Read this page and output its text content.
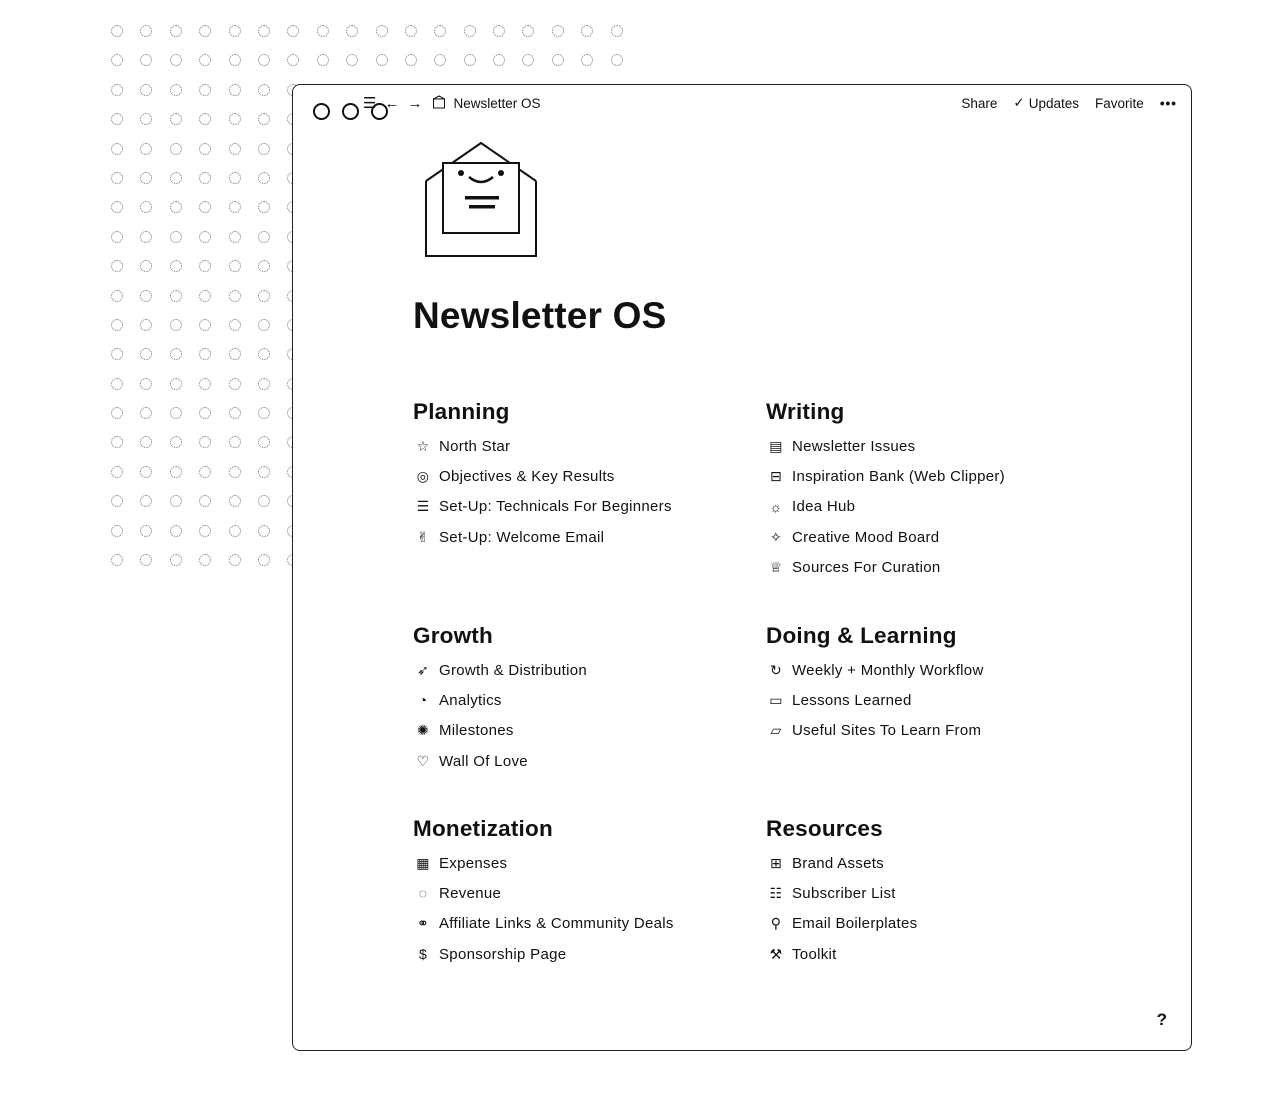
☰ ← → Newsletter OS	Share ✓ Updates Favorite •••
Newsletter OS
Planning
☆ North Star
◎ Objectives & Key Results
☰ Set-Up: Technicals For Beginners
✌ Set-Up: Welcome Email
Writing
▤ Newsletter Issues
⊟ Inspiration Bank (Web Clipper)
☼ Idea Hub
✧ Creative Mood Board
♕ Sources For Curation
Growth
➶ Growth & Distribution
◔ Analytics
✺ Milestones
♡ Wall Of Love
Doing & Learning
↻ Weekly + Monthly Workflow
▭ Lessons Learned
▱ Useful Sites To Learn From
Monetization
▦ Expenses
◌ Revenue
⚭ Affiliate Links & Community Deals
$ Sponsorship Page
Resources
⊞ Brand Assets
☷ Subscriber List
⚲ Email Boilerplates
⚒ Toolkit
?
